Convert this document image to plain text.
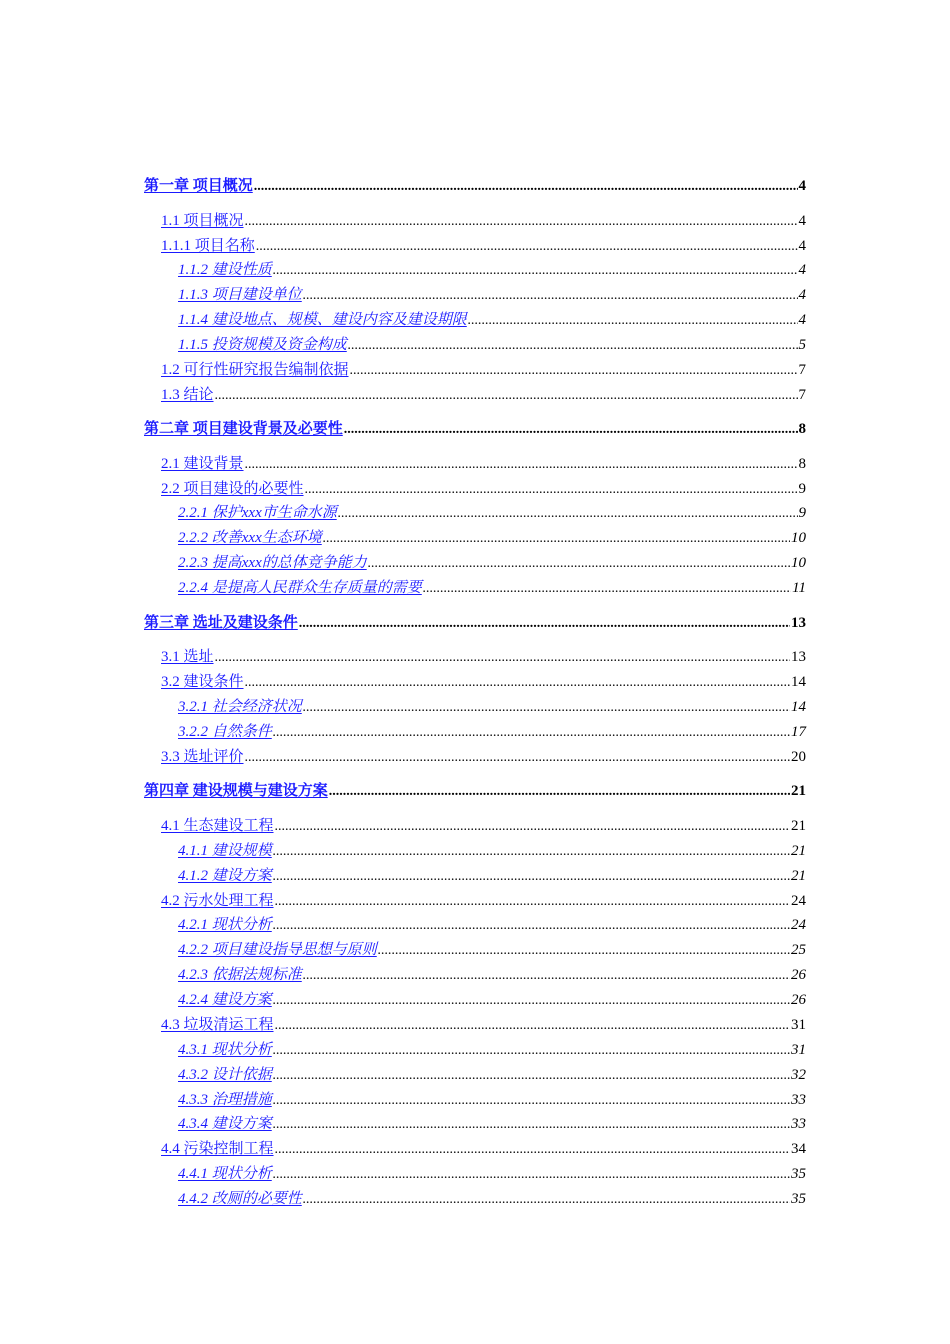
第一章 项目概况 .....	4
1.1 项目概况 .....	4
1.1.1 项目名称 .....	4
1.1.2 建设性质 .....	4
1.1.3 项目建设单位 .....	4
1.1.4 建设地点、规模、建设内容及建设期限 .....	4
1.1.5 投资规模及资金构成 .....	5
1.2 可行性研究报告编制依据 .....	7
1.3 结论 .....	7
第二章 项目建设背景及必要性 .....	8
2.1 建设背景 .....	8
2.2 项目建设的必要性 .....	9
2.2.1 保护xxx市生命水源 .....	9
2.2.2 改善xxx生态环境 .....	10
2.2.3 提高xxx的总体竞争能力 .....	10
2.2.4 是提高人民群众生存质量的需要 .....	11
第三章 选址及建设条件 .....	13
3.1 选址 .....	13
3.2 建设条件 .....	14
3.2.1 社会经济状况 .....	14
3.2.2 自然条件 .....	17
3.3 选址评价 .....	20
第四章 建设规模与建设方案 .....	21
4.1 生态建设工程 .....	21
4.1.1 建设规模 .....	21
4.1.2 建设方案 .....	21
4.2 污水处理工程 .....	24
4.2.1 现状分析 .....	24
4.2.2 项目建设指导思想与原则 .....	25
4.2.3 依据法规标准 .....	26
4.2.4 建设方案 .....	26
4.3 垃圾清运工程 .....	31
4.3.1 现状分析 .....	31
4.3.2 设计依据 .....	32
4.3.3 治理措施 .....	33
4.3.4 建设方案 .....	33
4.4 污染控制工程 .....	34
4.4.1 现状分析 .....	35
4.4.2 改厕的必要性 .....	35
